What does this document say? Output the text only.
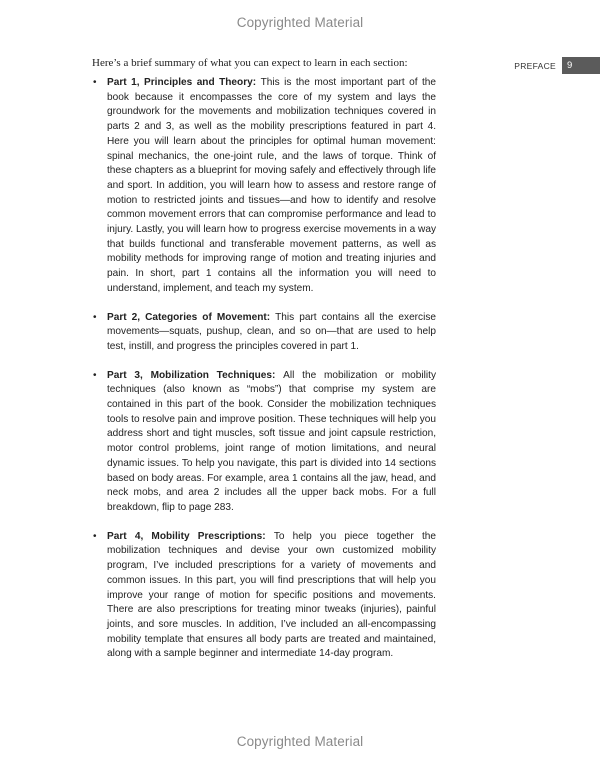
Copyrighted Material
PREFACE	9

Here’s a brief summary of what you can expect to learn in each section:

• Part 1, Principles and Theory: This is the most important part of the book because it encompasses the core of my system and lays the groundwork for the movements and mobilization techniques covered in parts 2 and 3, as well as the mobility prescriptions featured in part 4. Here you will learn about the principles for optimal human movement: spinal mechanics, the one-joint rule, and the laws of torque. Think of these chapters as a blueprint for moving safely and effectively through life and sport. In addition, you will learn how to assess and restore range of motion to restricted joints and tissues—and how to identify and resolve common movement errors that can compromise performance and lead to injury. Lastly, you will learn how to progress exercise movements in a way that builds functional and transferable movement patterns, as well as mobility methods for improving range of motion and treating injuries and pain. In short, part 1 contains all the information you will need to understand, implement, and teach my system.
• Part 2, Categories of Movement: This part contains all the exercise movements—squats, pushup, clean, and so on—that are used to help test, instill, and progress the principles covered in part 1.
• Part 3, Mobilization Techniques: All the mobilization or mobility techniques (also known as “mobs”) that comprise my system are contained in this part of the book. Consider the mobilization techniques tools to resolve pain and improve position. These techniques will help you address short and tight muscles, soft tissue and joint capsule restriction, motor control problems, joint range of motion limitations, and neural dynamic issues. To help you navigate, this part is divided into 14 sections based on body areas. For example, area 1 contains all the jaw, head, and neck mobs, and area 2 includes all the upper back mobs. For a full breakdown, flip to page 283.
• Part 4, Mobility Prescriptions: To help you piece together the mobilization techniques and devise your own customized mobility program, I’ve included prescriptions for a variety of movements and common issues. In this part, you will find prescriptions that will help you improve your range of motion for specific positions and movements. There are also prescriptions for treating minor tweaks (injuries), painful joints, and sore muscles. In addition, I’ve included an all-encompassing mobility template that ensures all body parts are treated and maintained, along with a sample beginner and intermediate 14-day program.
Copyrighted Material
